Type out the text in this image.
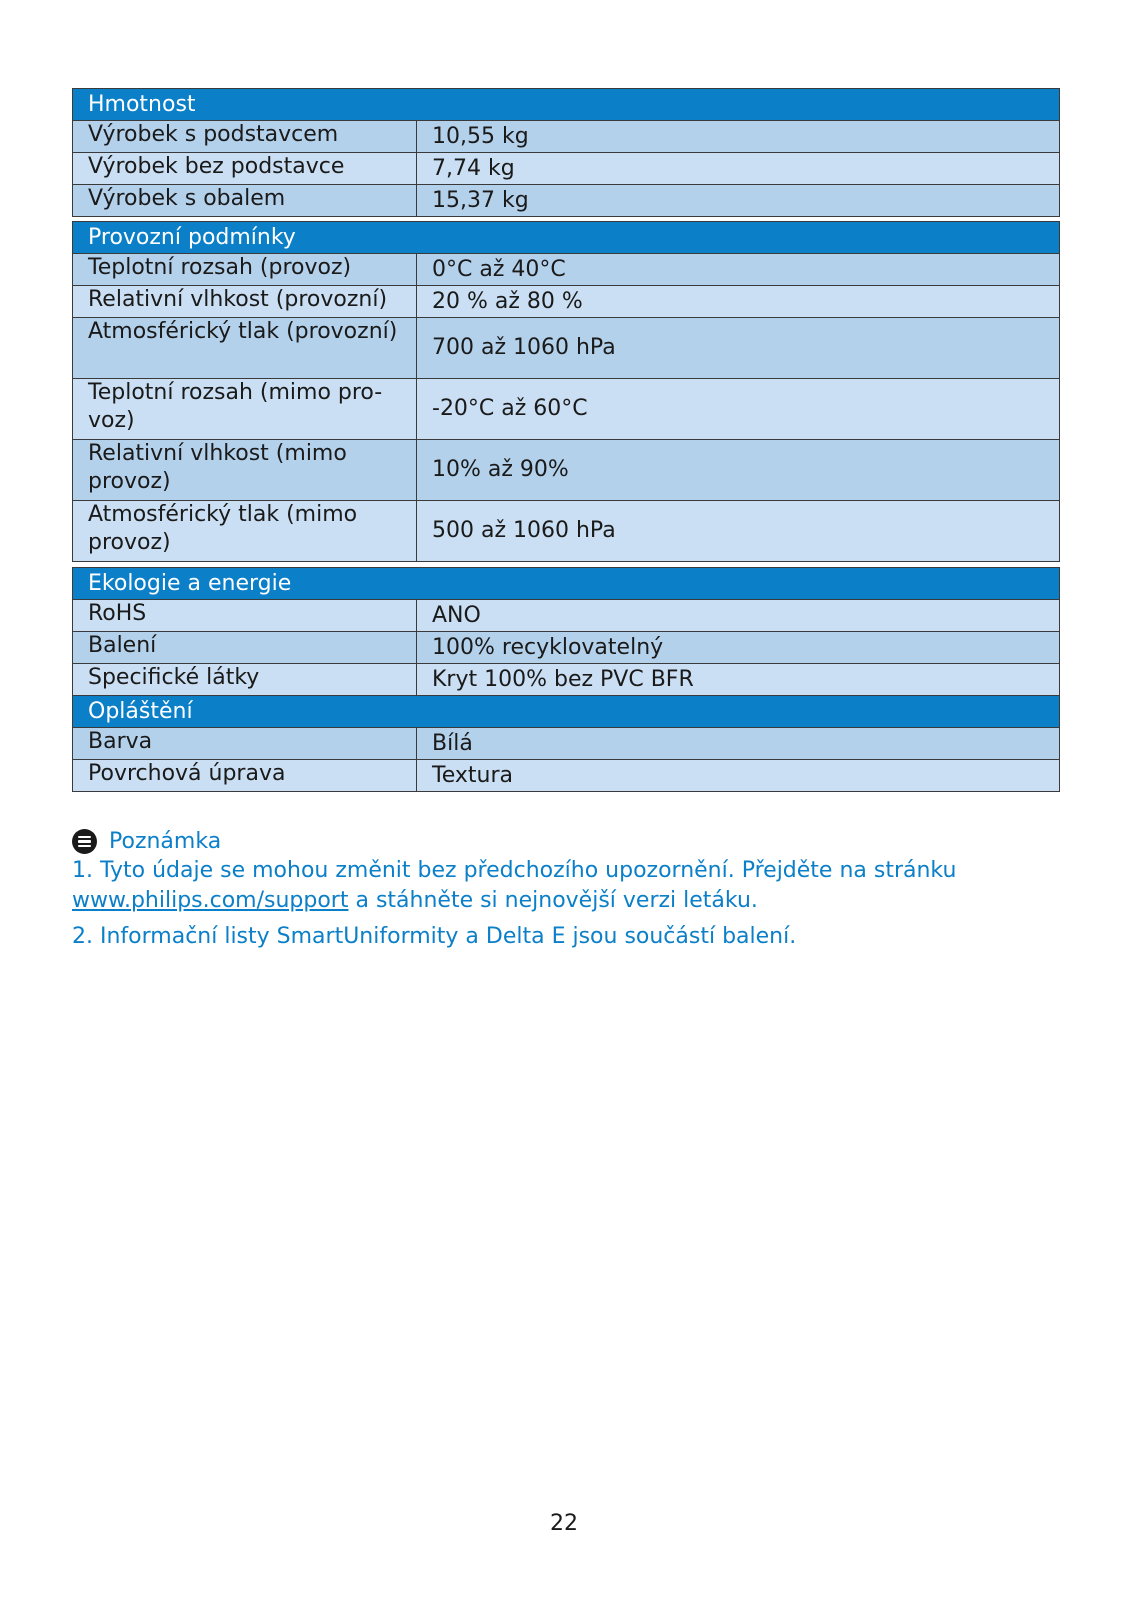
Hmotnost	
Výrobek s podstavcem	10,55 kg
Výrobek bez podstavce	7,74 kg
Výrobek s obalem	15,37 kg
Provozní podmínky	
Teplotní rozsah (provoz)	0°C až 40°C
Relativní vlhkost (provozní)	20 % až 80 %
Atmosférický tlak (provozní)	700 až 1060 hPa
Teplotní rozsah (mimo pro-voz)	-20°C až 60°C
Relativní vlhkost (mimo provoz)	10% až 90%
Atmosférický tlak (mimo provoz)	500 až 1060 hPa
Ekologie a energie	
RoHS	ANO
Balení	100% recyklovatelný
Specifické látky	Kryt 100% bez PVC BFR
Opláštění	
Barva	Bílá
Povrchová úprava	Textura
Poznámka
1. Tyto údaje se mohou změnit bez předchozího upozornění. Přejděte na stránku
www.philips.com/support a stáhněte si nejnovější verzi letáku.
2. Informační listy SmartUniformity a Delta E jsou součástí balení.
22
